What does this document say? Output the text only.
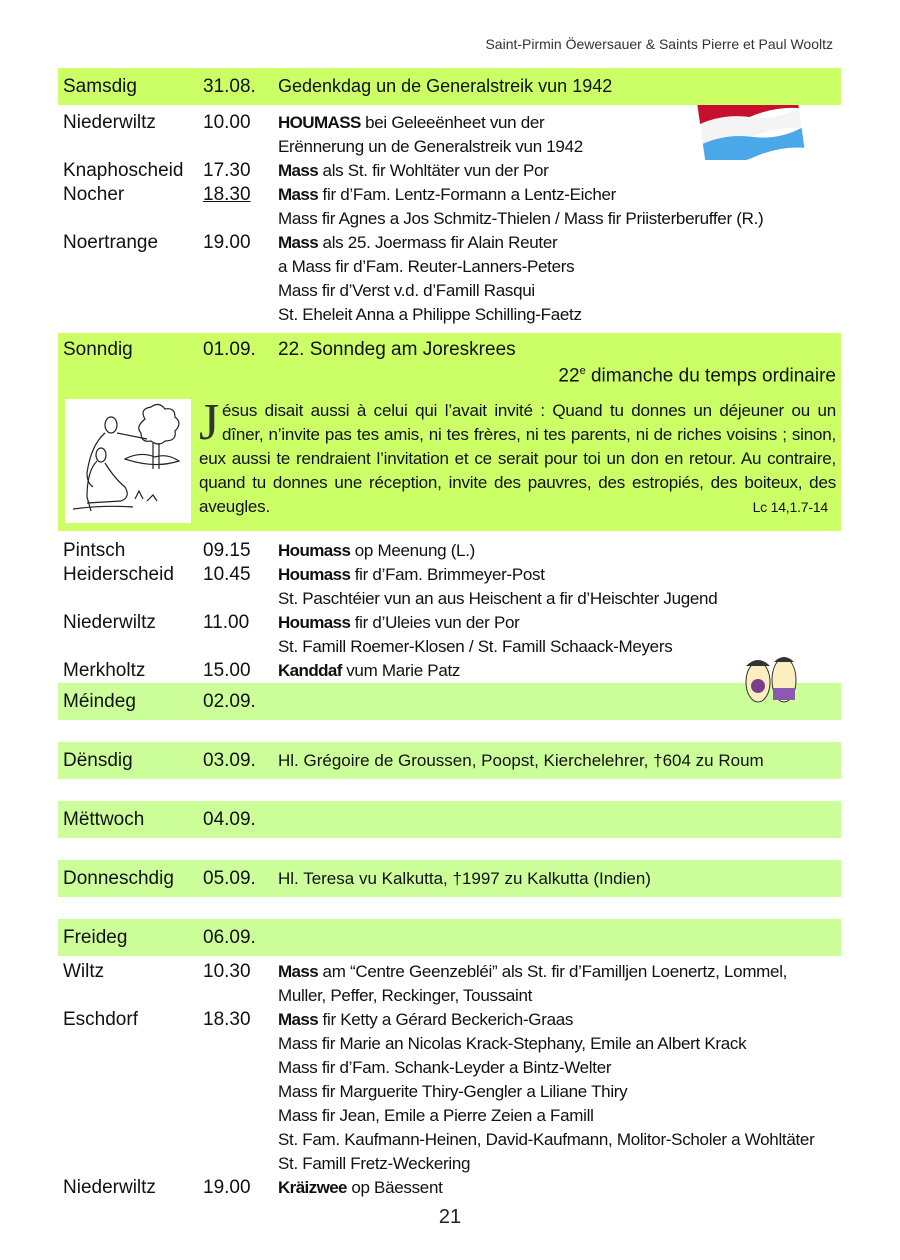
Saint-Pirmin Öewersauer & Saints Pierre et Paul Wooltz
Samsdig	31.08.	Gedenkdag un de Generalstreik vun 1942
Niederwiltz	10.00	HOUMASS bei Geleeënheet vun der
Erënnerung un de Generalstreik vun 1942
Knaphoscheid	17.30	Mass als St. fir Wohltäter vun der Por
Nocher	18.30	Mass fir d’Fam. Lentz-Formann a Lentz-Eicher
Mass fir Agnes a Jos Schmitz-Thielen / Mass fir Priisterberuffer (R.)
Noertrange	19.00	Mass als 25. Joermass fir Alain Reuter
a Mass fir d’Fam. Reuter-Lanners-Peters
Mass fir d’Verst v.d. d’Famill Rasqui
St. Eheleit Anna a Philippe Schilling-Faetz
Sonndig	01.09.	22. Sonndeg am Joreskrees
22e dimanche du temps ordinaire
Jésus disait aussi à celui qui l’avait invité : Quand tu donnes un déjeuner ou un dîner, n’invite pas tes amis, ni tes frères, ni tes parents, ni de riches voisins ; sinon, eux aussi te rendraient l’invitation et ce serait pour toi un don en retour. Au contraire, quand tu donnes une réception, invite des pauvres, des estropiés, des boiteux, des aveugles.	Lc 14,1.7-14
Pintsch	09.15	Houmass op Meenung (L.)
Heiderscheid	10.45	Houmass fir d’Fam. Brimmeyer-Post
St. Paschtéier vun an aus Heischent a fir d’Heischter Jugend
Niederwiltz	11.00	Houmass fir d’Uleies vun der Por
St. Famill Roemer-Klosen / St. Famill Schaack-Meyers
Merkholtz	15.00	Kanddaf vum Marie Patz
Méindeg	02.09.
Dënsdig	03.09.	Hl. Grégoire de Groussen, Poopst, Kierchelehrer, †604 zu Roum
Mëttwoch	04.09.
Donneschdig	05.09.	Hl. Teresa vu Kalkutta, †1997 zu Kalkutta (Indien)
Freideg	06.09.
Wiltz	10.30	Mass am “Centre Geenzebléi” als St. fir d’Familljen Loenertz, Lommel,
Muller, Peffer, Reckinger, Toussaint
Eschdorf	18.30	Mass fir Ketty a Gérard Beckerich-Graas
Mass fir Marie an Nicolas Krack-Stephany, Emile an Albert Krack
Mass fir d’Fam. Schank-Leyder a Bintz-Welter
Mass fir Marguerite Thiry-Gengler a Liliane Thiry
Mass fir Jean, Emile a Pierre Zeien a Famill
St. Fam. Kaufmann-Heinen, David-Kaufmann, Molitor-Scholer a Wohltäter
St. Famill Fretz-Weckering
Niederwiltz	19.00	Kräizwee op Bäessent
21
